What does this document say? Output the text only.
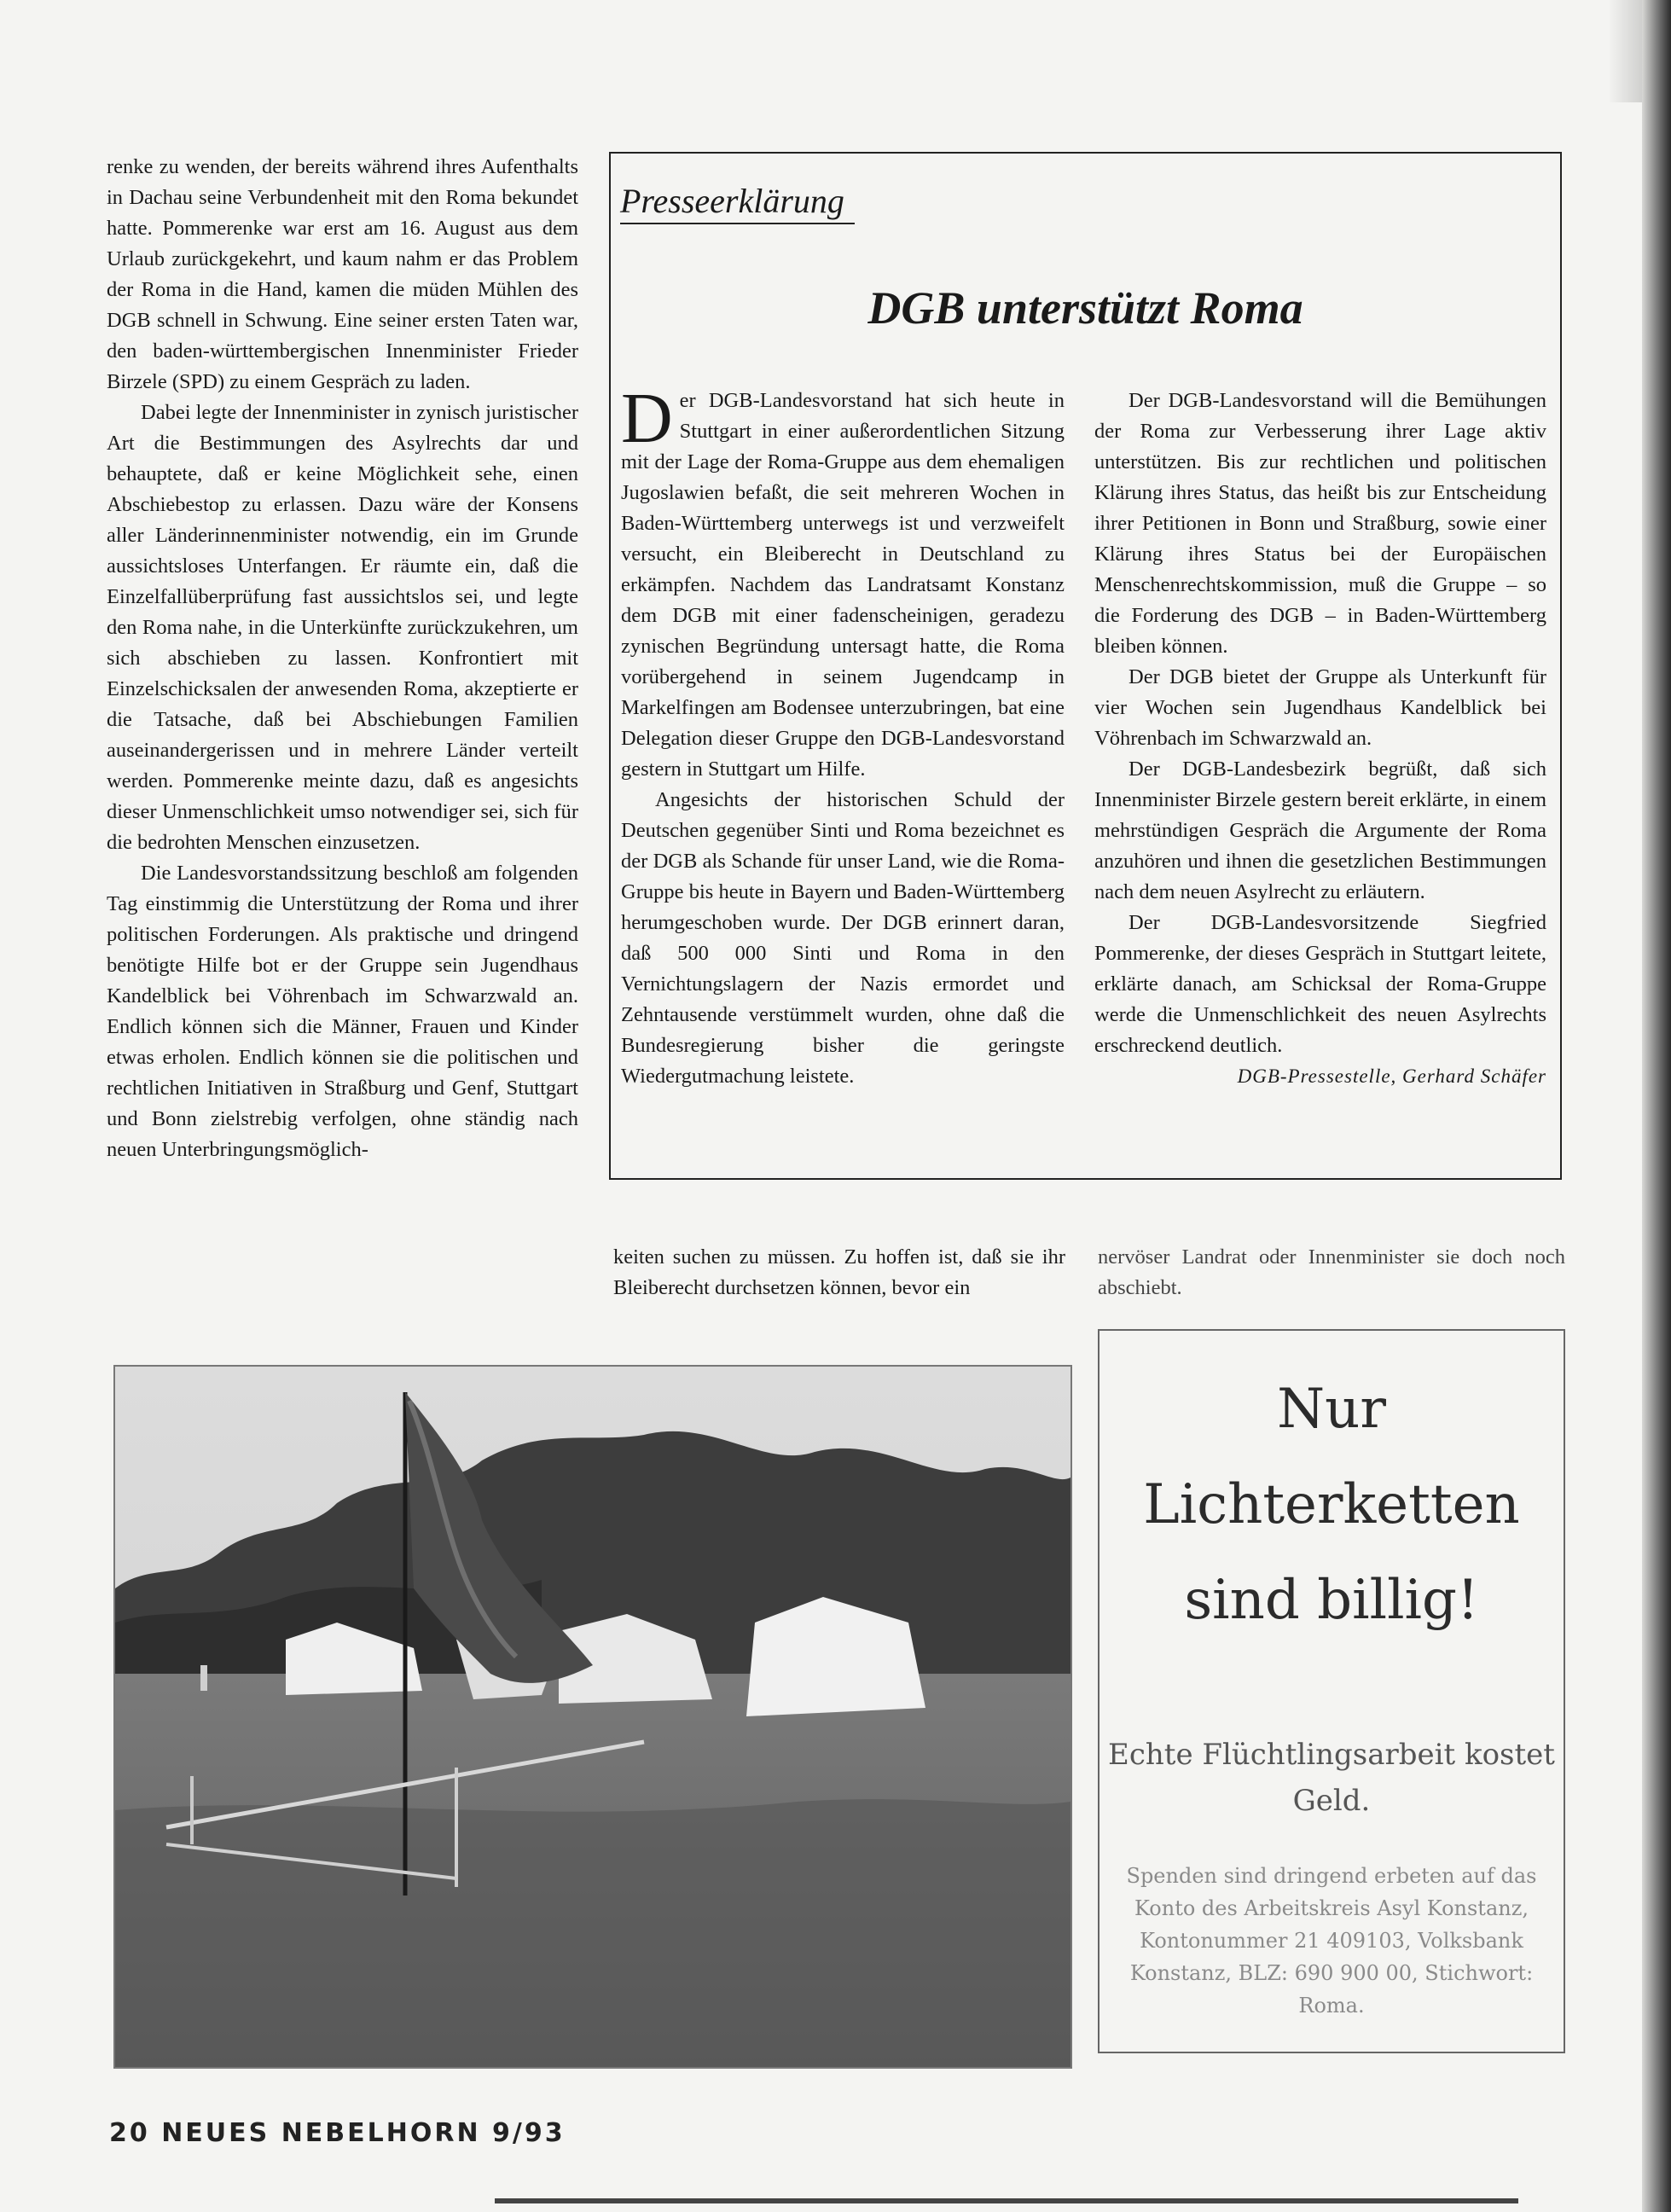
renke zu wenden, der bereits während ihres Aufenthalts in Dachau seine Verbundenheit mit den Roma bekundet hatte. Pommerenke war erst am 16. August aus dem Urlaub zurückgekehrt, und kaum nahm er das Problem der Roma in die Hand, kamen die müden Mühlen des DGB schnell in Schwung. Eine seiner ersten Taten war, den baden-württembergischen Innenminister Frieder Birzele (SPD) zu einem Gespräch zu laden.

Dabei legte der Innenminister in zynisch juristischer Art die Bestimmungen des Asylrechts dar und behauptete, daß er keine Möglichkeit sehe, einen Abschiebestop zu erlassen. Dazu wäre der Konsens aller Länderinnenminister notwendig, ein im Grunde aussichtsloses Unterfangen. Er räumte ein, daß die Einzelfallüberprüfung fast aussichtslos sei, und legte den Roma nahe, in die Unterkünfte zurückzukehren, um sich abschieben zu lassen. Konfrontiert mit Einzelschicksalen der anwesenden Roma, akzeptierte er die Tatsache, daß bei Abschiebungen Familien auseinandergerissen und in mehrere Länder verteilt werden. Pommerenke meinte dazu, daß es angesichts dieser Unmenschlichkeit umso notwendiger sei, sich für die bedrohten Menschen einzusetzen.

Die Landesvorstandssitzung beschloß am folgenden Tag einstimmig die Unterstützung der Roma und ihrer politischen Forderungen. Als praktische und dringend benötigte Hilfe bot er der Gruppe sein Jugendhaus Kandelblick bei Vöhrenbach im Schwarzwald an. Endlich können sich die Männer, Frauen und Kinder etwas erholen. Endlich können sie die politischen und rechtlichen Initiativen in Straßburg und Genf, Stuttgart und Bonn zielstrebig verfolgen, ohne ständig nach neuen Unterbringungsmöglich-

Presseerklärung
DGB unterstützt Roma

Der DGB-Landesvorstand hat sich heute in Stuttgart in einer außerordentlichen Sitzung mit der Lage der Roma-Gruppe aus dem ehemaligen Jugoslawien befaßt, die seit mehreren Wochen in Baden-Württemberg unterwegs ist und verzweifelt versucht, ein Bleiberecht in Deutschland zu erkämpfen. Nachdem das Landratsamt Konstanz dem DGB mit einer fadenscheinigen, geradezu zynischen Begründung untersagt hatte, die Roma vorübergehend in seinem Jugendcamp in Markelfingen am Bodensee unterzubringen, bat eine Delegation dieser Gruppe den DGB-Landesvorstand gestern in Stuttgart um Hilfe.

Angesichts der historischen Schuld der Deutschen gegenüber Sinti und Roma bezeichnet es der DGB als Schande für unser Land, wie die Roma-Gruppe bis heute in Bayern und Baden-Württemberg herumgeschoben wurde. Der DGB erinnert daran, daß 500 000 Sinti und Roma in den Vernichtungslagern der Nazis ermordet und Zehntausende verstümmelt wurden, ohne daß die Bundesregierung bisher die geringste Wiedergutmachung leistete.

Der DGB-Landesvorstand will die Bemühungen der Roma zur Verbesserung ihrer Lage aktiv unterstützen. Bis zur rechtlichen und politischen Klärung ihres Status, das heißt bis zur Entscheidung ihrer Petitionen in Bonn und Straßburg, sowie einer Klärung ihres Status bei der Europäischen Menschenrechtskommission, muß die Gruppe – so die Forderung des DGB – in Baden-Württemberg bleiben können.

Der DGB bietet der Gruppe als Unterkunft für vier Wochen sein Jugendhaus Kandelblick bei Vöhrenbach im Schwarzwald an.

Der DGB-Landesbezirk begrüßt, daß sich Innenminister Birzele gestern bereit erklärte, in einem mehrstündigen Gespräch die Argumente der Roma anzuhören und ihnen die gesetzlichen Bestimmungen nach dem neuen Asylrecht zu erläutern.

Der DGB-Landesvorsitzende Siegfried Pommerenke, der dieses Gespräch in Stuttgart leitete, erklärte danach, am Schicksal der Roma-Gruppe werde die Unmenschlichkeit des neuen Asylrechts erschreckend deutlich.

DGB-Pressestelle, Gerhard Schäfer

keiten suchen zu müssen. Zu hoffen ist, daß sie ihr Bleiberecht durchsetzen können, bevor ein
nervöser Landrat oder Innenminister sie doch noch abschiebt.
Nur Lichterketten sind billig!
Echte Flüchtlingsarbeit kostet Geld.
Spenden sind dringend erbeten auf das Konto des Arbeitskreis Asyl Konstanz, Kontonummer 21 409103, Volksbank Konstanz, BLZ: 690 900 00, Stichwort: Roma.
20 NEUES NEBELHORN 9/93
